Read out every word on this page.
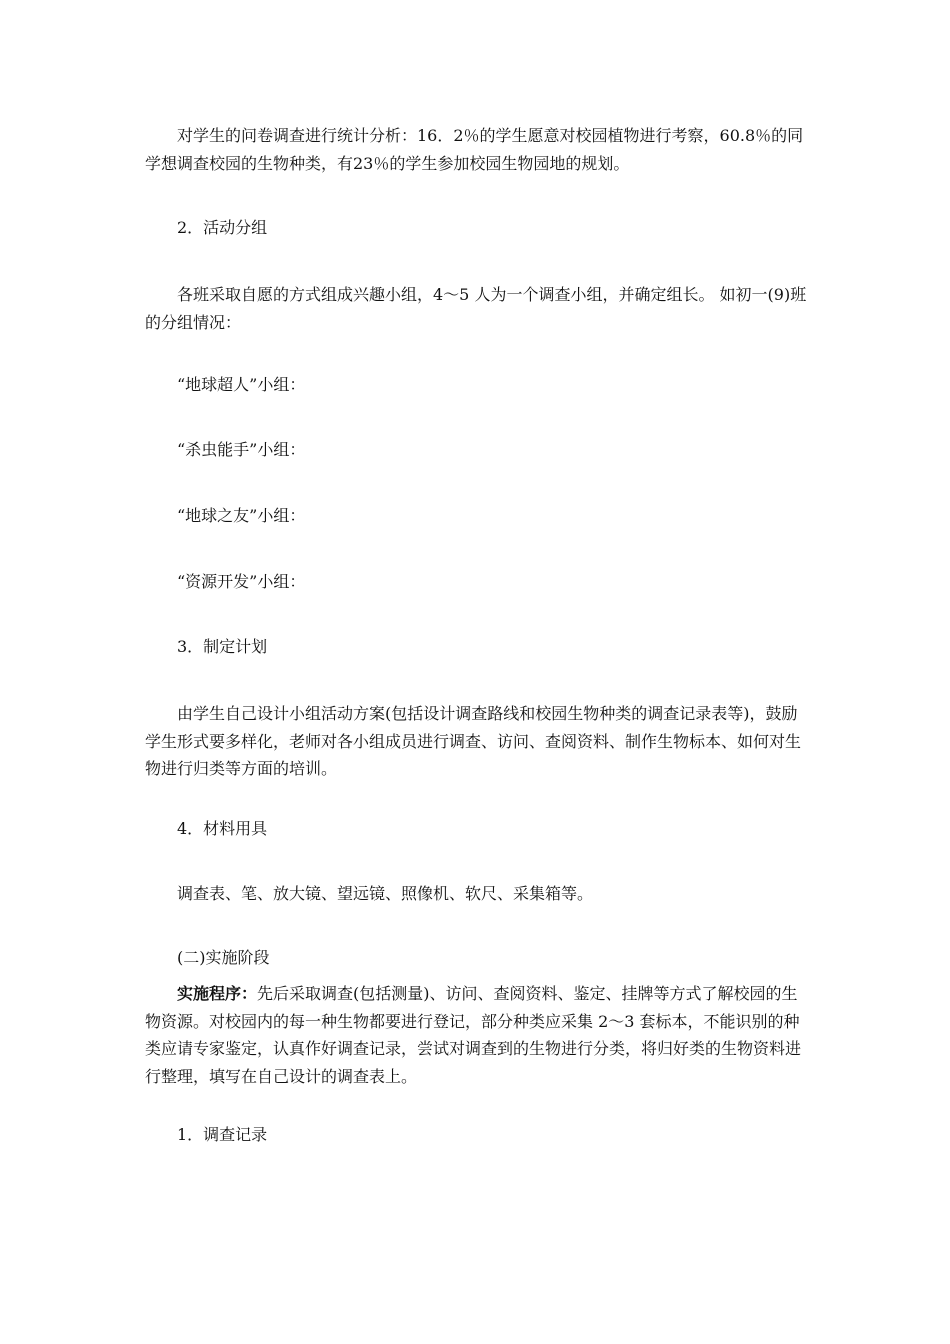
对学生的问卷调查进行统计分析：16．2％的学生愿意对校园植物进行考察，60.8％的同学想调查校园的生物种类，有23％的学生参加校园生物园地的规划。

2．活动分组

各班采取自愿的方式组成兴趣小组，4～5 人为一个调查小组，并确定组长。 如初一(9)班的分组情况：

“地球超人”小组：

“杀虫能手”小组：

“地球之友”小组：

“资源开发”小组：

3．制定计划

由学生自己设计小组活动方案(包括设计调查路线和校园生物种类的调查记录表等)，鼓励学生形式要多样化，老师对各小组成员进行调查、访问、查阅资料、制作生物标本、如何对生物进行归类等方面的培训。

4．材料用具

调查表、笔、放大镜、望远镜、照像机、软尺、采集箱等。

(二)实施阶段

实施程序：先后采取调查(包括测量)、访问、查阅资料、鉴定、挂牌等方式了解校园的生物资源。对校园内的每一种生物都要进行登记，部分种类应采集 2～3 套标本，不能识别的种类应请专家鉴定，认真作好调查记录，尝试对调查到的生物进行分类，将归好类的生物资料进行整理，填写在自己设计的调查表上。

1．调查记录
